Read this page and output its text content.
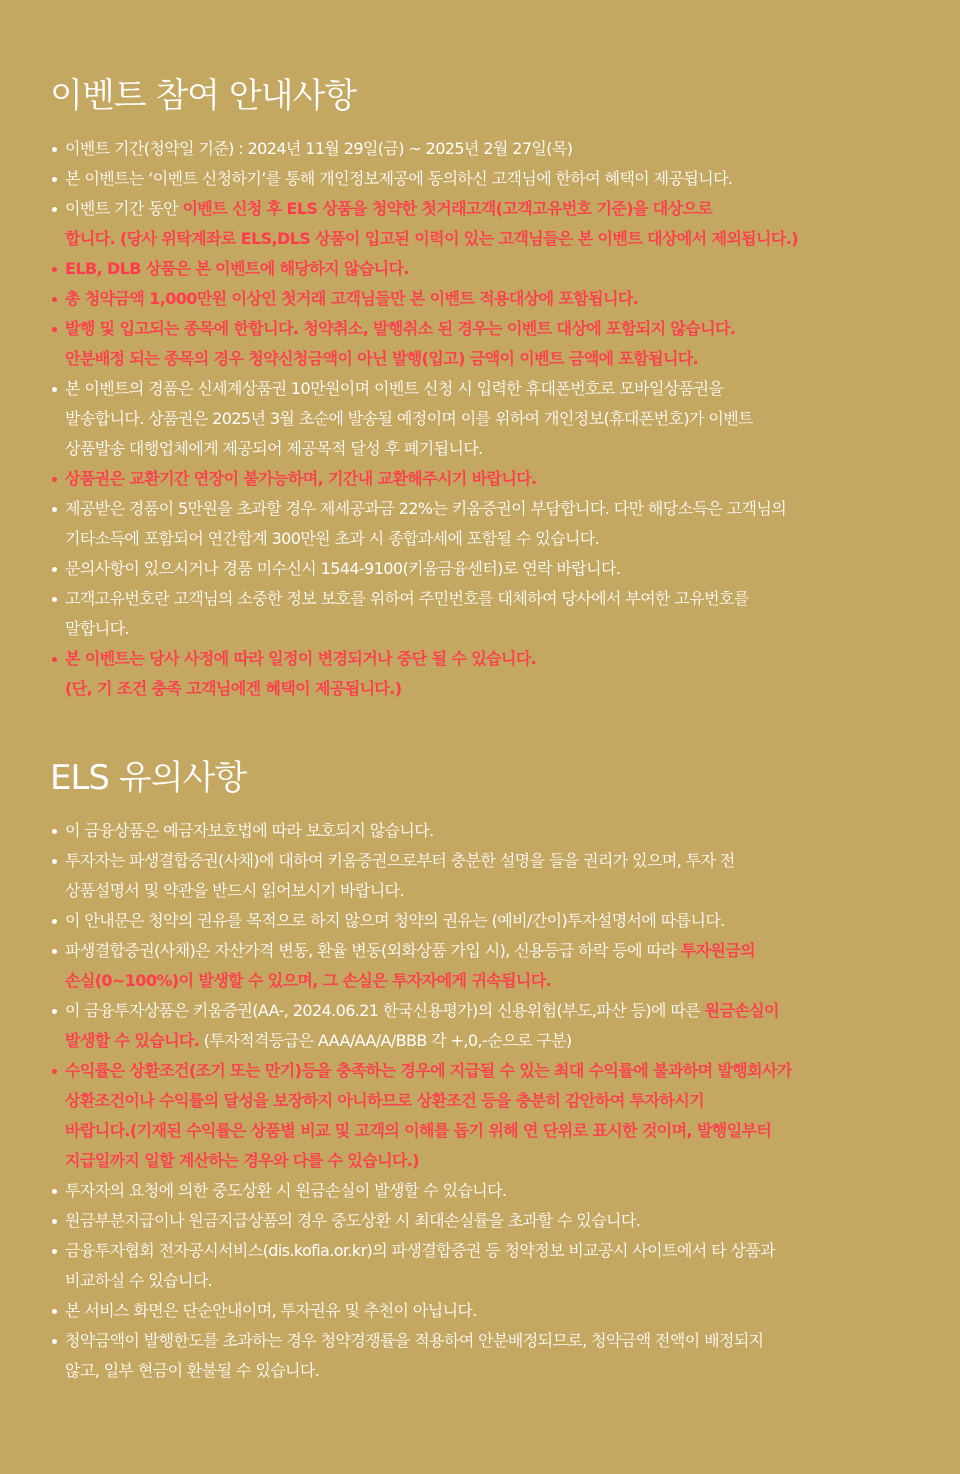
이벤트 참여 안내사항
이벤트 기간(청약일 기준) : 2024년 11월 29일(금) ~ 2025년 2월 27일(목)
본 이벤트는 ‘이벤트 신청하기’를 통해 개인정보제공에 동의하신 고객님에 한하여 혜택이 제공됩니다.
이벤트 기간 동안 이벤트 신청 후 ELS 상품을 청약한 첫거래고객(고객고유번호 기준)을 대상으로
합니다. (당사 위탁계좌로 ELS,DLS 상품이 입고된 이력이 있는 고객님들은 본 이벤트 대상에서 제외됩니다.)
ELB, DLB 상품은 본 이벤트에 해당하지 않습니다.
총 청약금액 1,000만원 이상인 첫거래 고객님들만 본 이벤트 적용대상에 포함됩니다.
발행 및 입고되는 종목에 한합니다. 청약취소, 발행취소 된 경우는 이벤트 대상에 포함되지 않습니다.
안분배정 되는 종목의 경우 청약신청금액이 아닌 발행(입고) 금액이 이벤트 금액에 포함됩니다.
본 이벤트의 경품은 신세계상품권 10만원이며 이벤트 신청 시 입력한 휴대폰번호로 모바일상품권을
발송합니다. 상품권은 2025년 3월 초순에 발송될 예정이며 이를 위하여 개인정보(휴대폰번호)가 이벤트
상품발송 대행업체에게 제공되어 제공목적 달성 후 폐기됩니다.
상품권은 교환기간 연장이 불가능하며, 기간내 교환해주시기 바랍니다.
제공받은 경품이 5만원을 초과할 경우 제세공과금 22%는 키움증권이 부담합니다. 다만 해당소득은 고객님의
기타소득에 포함되어 연간합계 300만원 초과 시 종합과세에 포함될 수 있습니다.
문의사항이 있으시거나 경품 미수신시 1544-9100(키움금융센터)로 연락 바랍니다.
고객고유번호란 고객님의 소중한 정보 보호를 위하여 주민번호를 대체하여 당사에서 부여한 고유번호를
말합니다.
본 이벤트는 당사 사정에 따라 일정이 변경되거나 중단 될 수 있습니다.
(단, 기 조건 충족 고객님에겐 혜택이 제공됩니다.)
ELS 유의사항
이 금융상품은 예금자보호법에 따라 보호되지 않습니다.
투자자는 파생결합증권(사채)에 대하여 키움증권으로부터 충분한 설명을 들을 권리가 있으며, 투자 전
상품설명서 및 약관을 반드시 읽어보시기 바랍니다.
이 안내문은 청약의 권유를 목적으로 하지 않으며 청약의 권유는 (예비/간이)투자설명서에 따릅니다.
파생결합증권(사채)은 자산가격 변동, 환율 변동(외화상품 가입 시), 신용등급 하락 등에 따라 투자원금의
손실(0~100%)이 발생할 수 있으며, 그 손실은 투자자에게 귀속됩니다.
이 금융투자상품은 키움증권(AA-, 2024.06.21 한국신용평가)의 신용위험(부도,파산 등)에 따른 원금손실이
발생할 수 있습니다. (투자적격등급은 AAA/AA/A/BBB 각 +,0,-순으로 구분)
수익률은 상환조건(조기 또는 만기)등을 충족하는 경우에 지급될 수 있는 최대 수익률에 불과하며 발행회사가
상환조건이나 수익률의 달성을 보장하지 아니하므로 상환조건 등을 충분히 감안하여 투자하시기
바랍니다.(기재된 수익률은 상품별 비교 및 고객의 이해를 돕기 위해 연 단위로 표시한 것이며, 발행일부터
지급일까지 일할 계산하는 경우와 다를 수 있습니다.)
투자자의 요청에 의한 중도상환 시 원금손실이 발생할 수 있습니다.
원금부분지급이나 원금지급상품의 경우 중도상환 시 최대손실률을 초과할 수 있습니다.
금융투자협회 전자공시서비스(dis.kofia.or.kr)의 파생결합증권 등 청약정보 비교공시 사이트에서 타 상품과
비교하실 수 있습니다.
본 서비스 화면은 단순안내이며, 투자권유 및 추천이 아닙니다.
청약금액이 발행한도를 초과하는 경우 청약경쟁률을 적용하여 안분배정되므로, 청약금액 전액이 배정되지
않고, 일부 현금이 환불될 수 있습니다.
